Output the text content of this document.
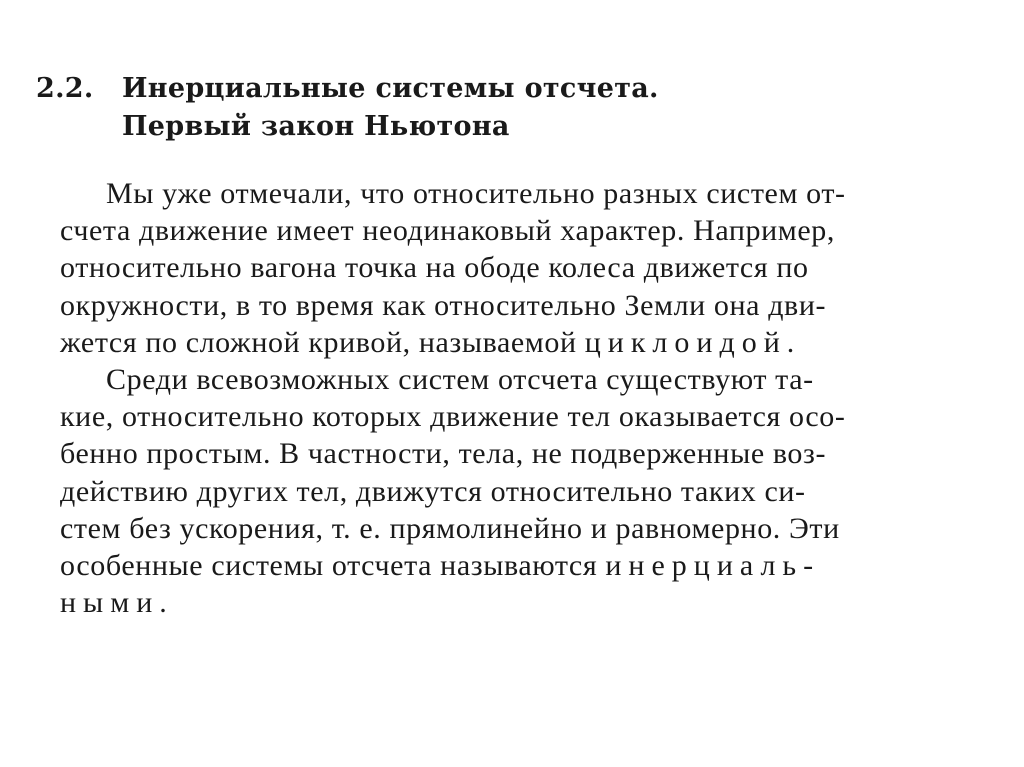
2.2. Инерциальные системы отсчета.
Первый закон Ньютона
Мы уже отмечали, что относительно разных систем от-
счета движение имеет неодинаковый характер. Например,
относительно вагона точка на ободе колеса движется по
окружности, в то время как относительно Земли она дви-
жется по сложной кривой, называемой циклоидой.
Среди всевозможных систем отсчета существуют та-
кие, относительно которых движение тел оказывается осо-
бенно простым. В частности, тела, не подверженные воз-
действию других тел, движутся относительно таких си-
стем без ускорения, т. е. прямолинейно и равномерно. Эти
особенные системы отсчета называются инерциаль-
ными.
